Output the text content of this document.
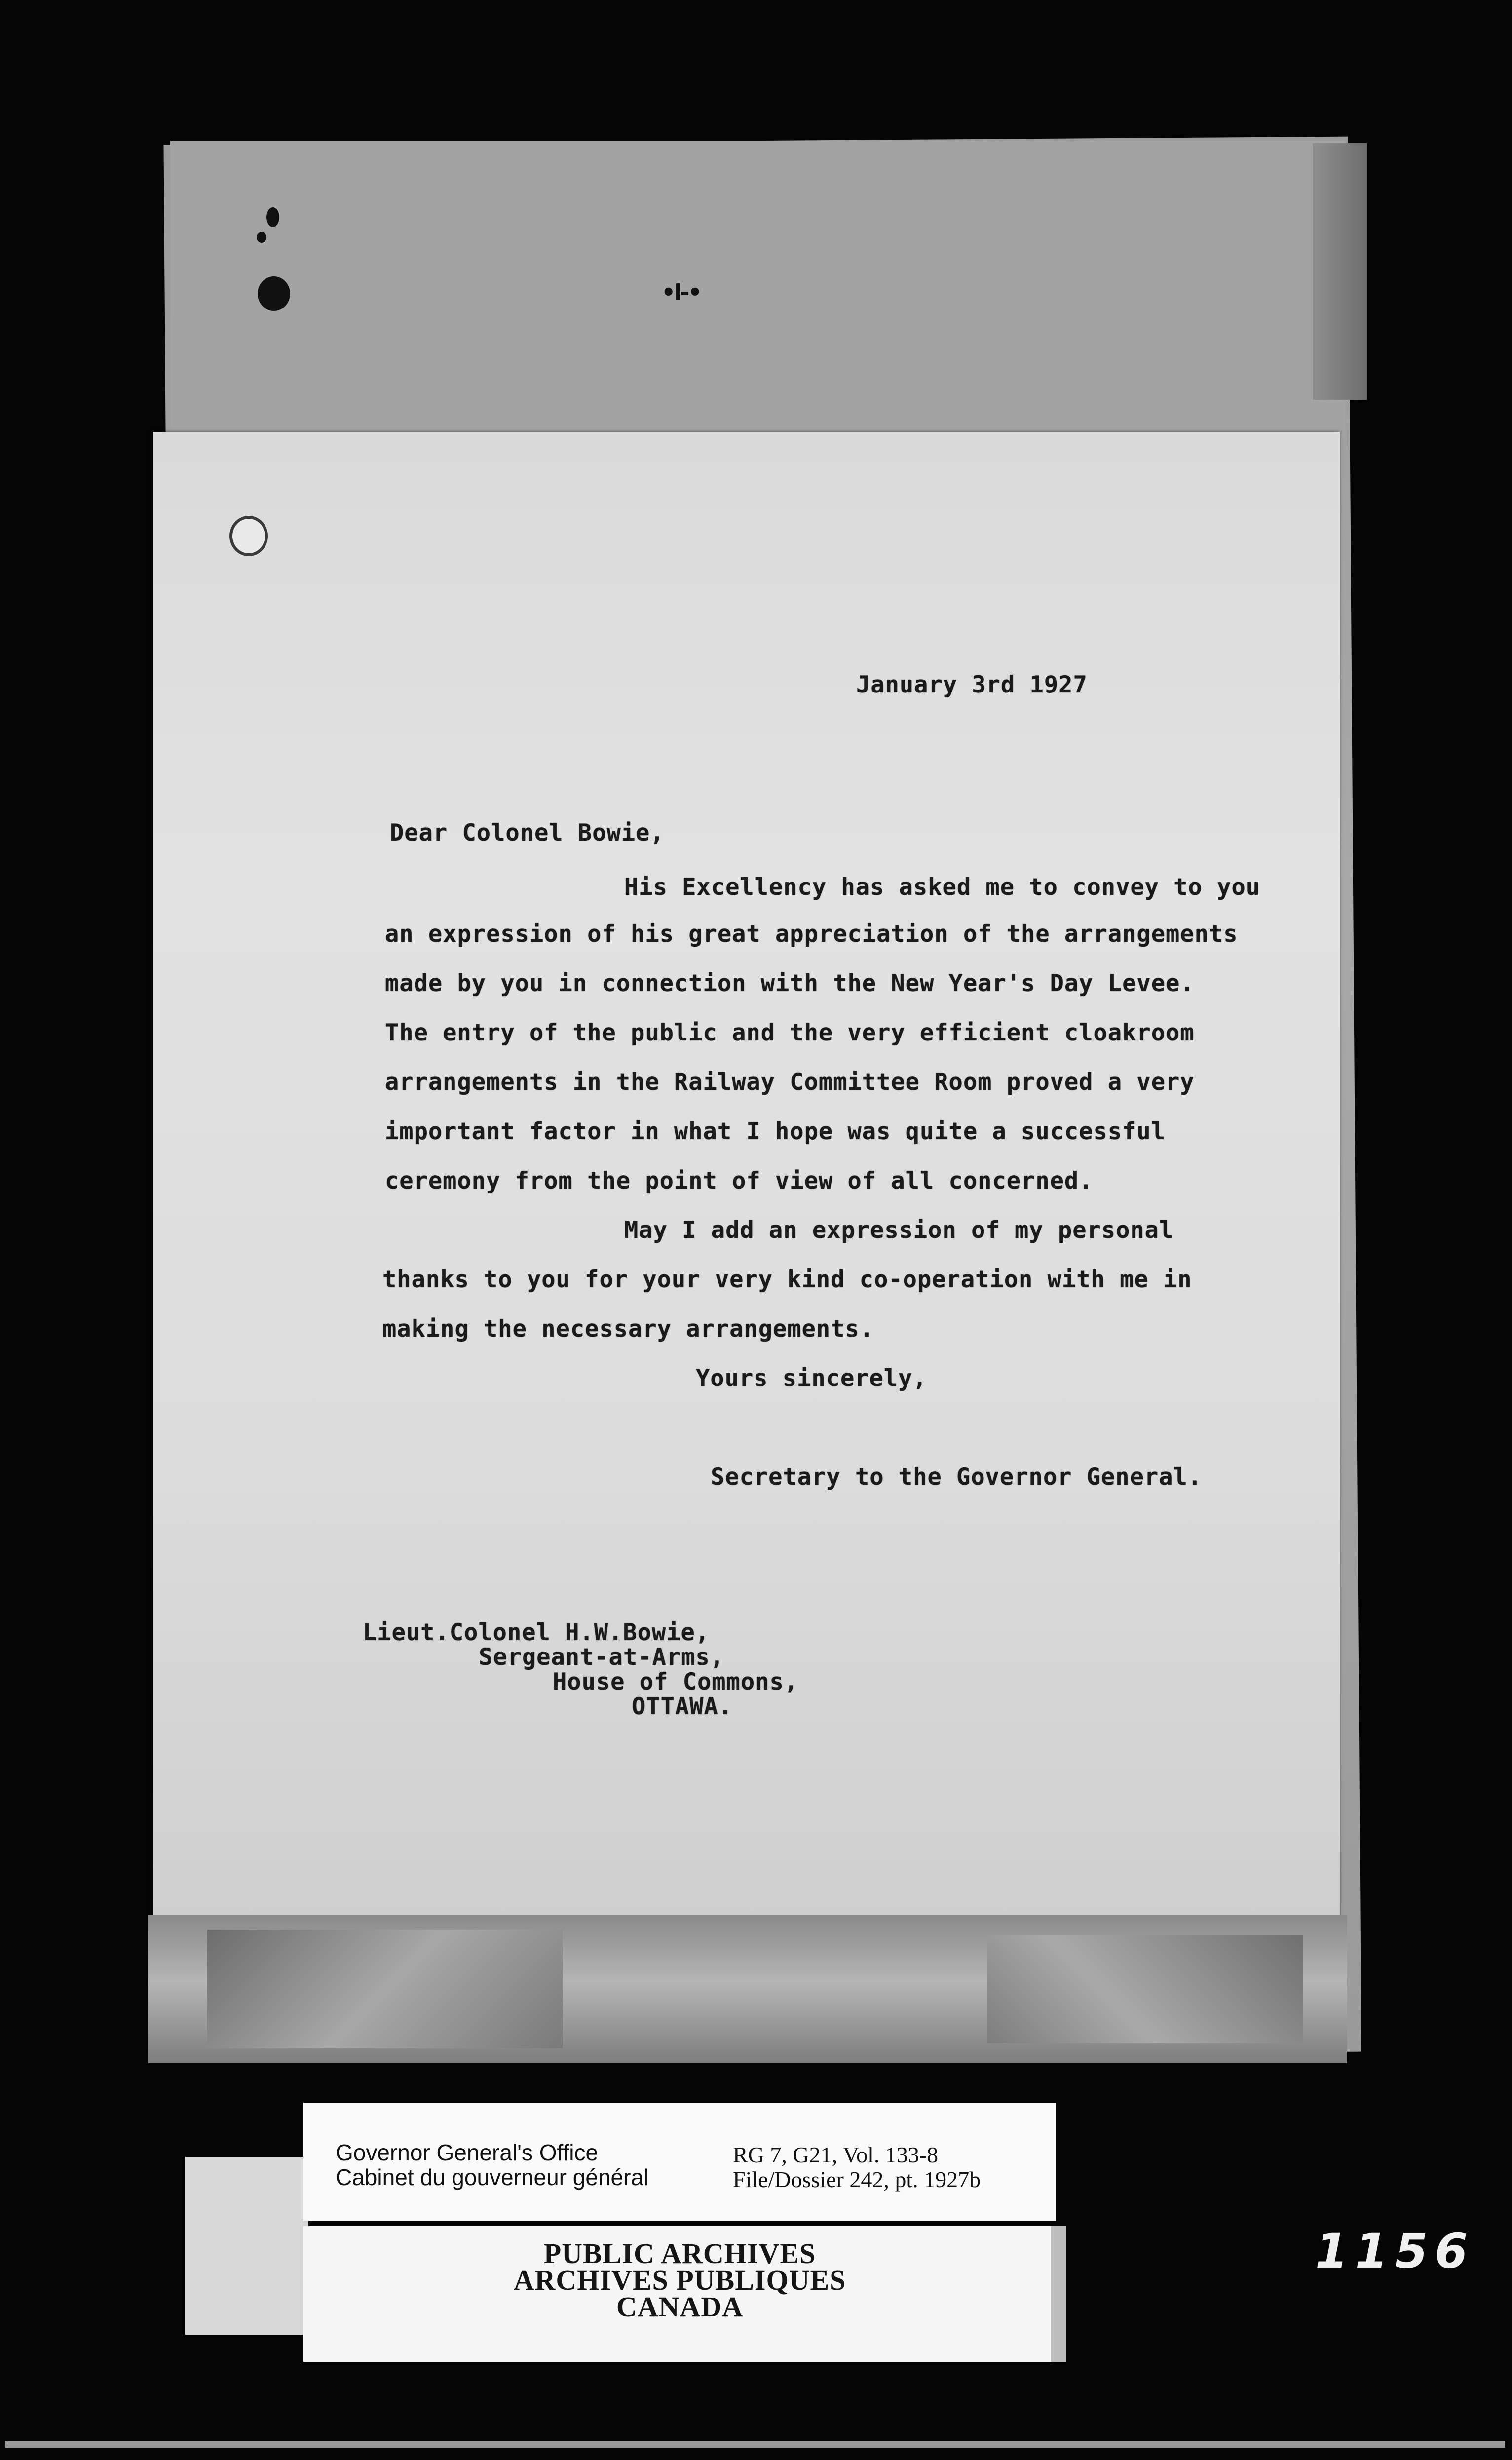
•I-•
January 3rd 1927
Dear Colonel Bowie,
His Excellency has asked me to convey to you
an expression of his great appreciation of the arrangements
made by you in connection with the New Year's Day Levee.
The entry of the public and the very efficient cloakroom
arrangements in the Railway Committee Room proved a very
important factor in what I hope was quite a successful
ceremony from the point of view of all concerned.
May I add an expression of my personal
thanks to you for your very kind co-operation with me in
making the necessary arrangements.
Yours sincerely,
Secretary to the Governor General.
Lieut.Colonel H.W.Bowie,
Sergeant-at-Arms,
House of Commons,
OTTAWA.
Governor General's Office
Cabinet du gouverneur général
RG 7, G21, Vol. 133-8
File/Dossier 242, pt. 1927b
PUBLIC ARCHIVES
ARCHIVES PUBLIQUES
CANADA
1156
